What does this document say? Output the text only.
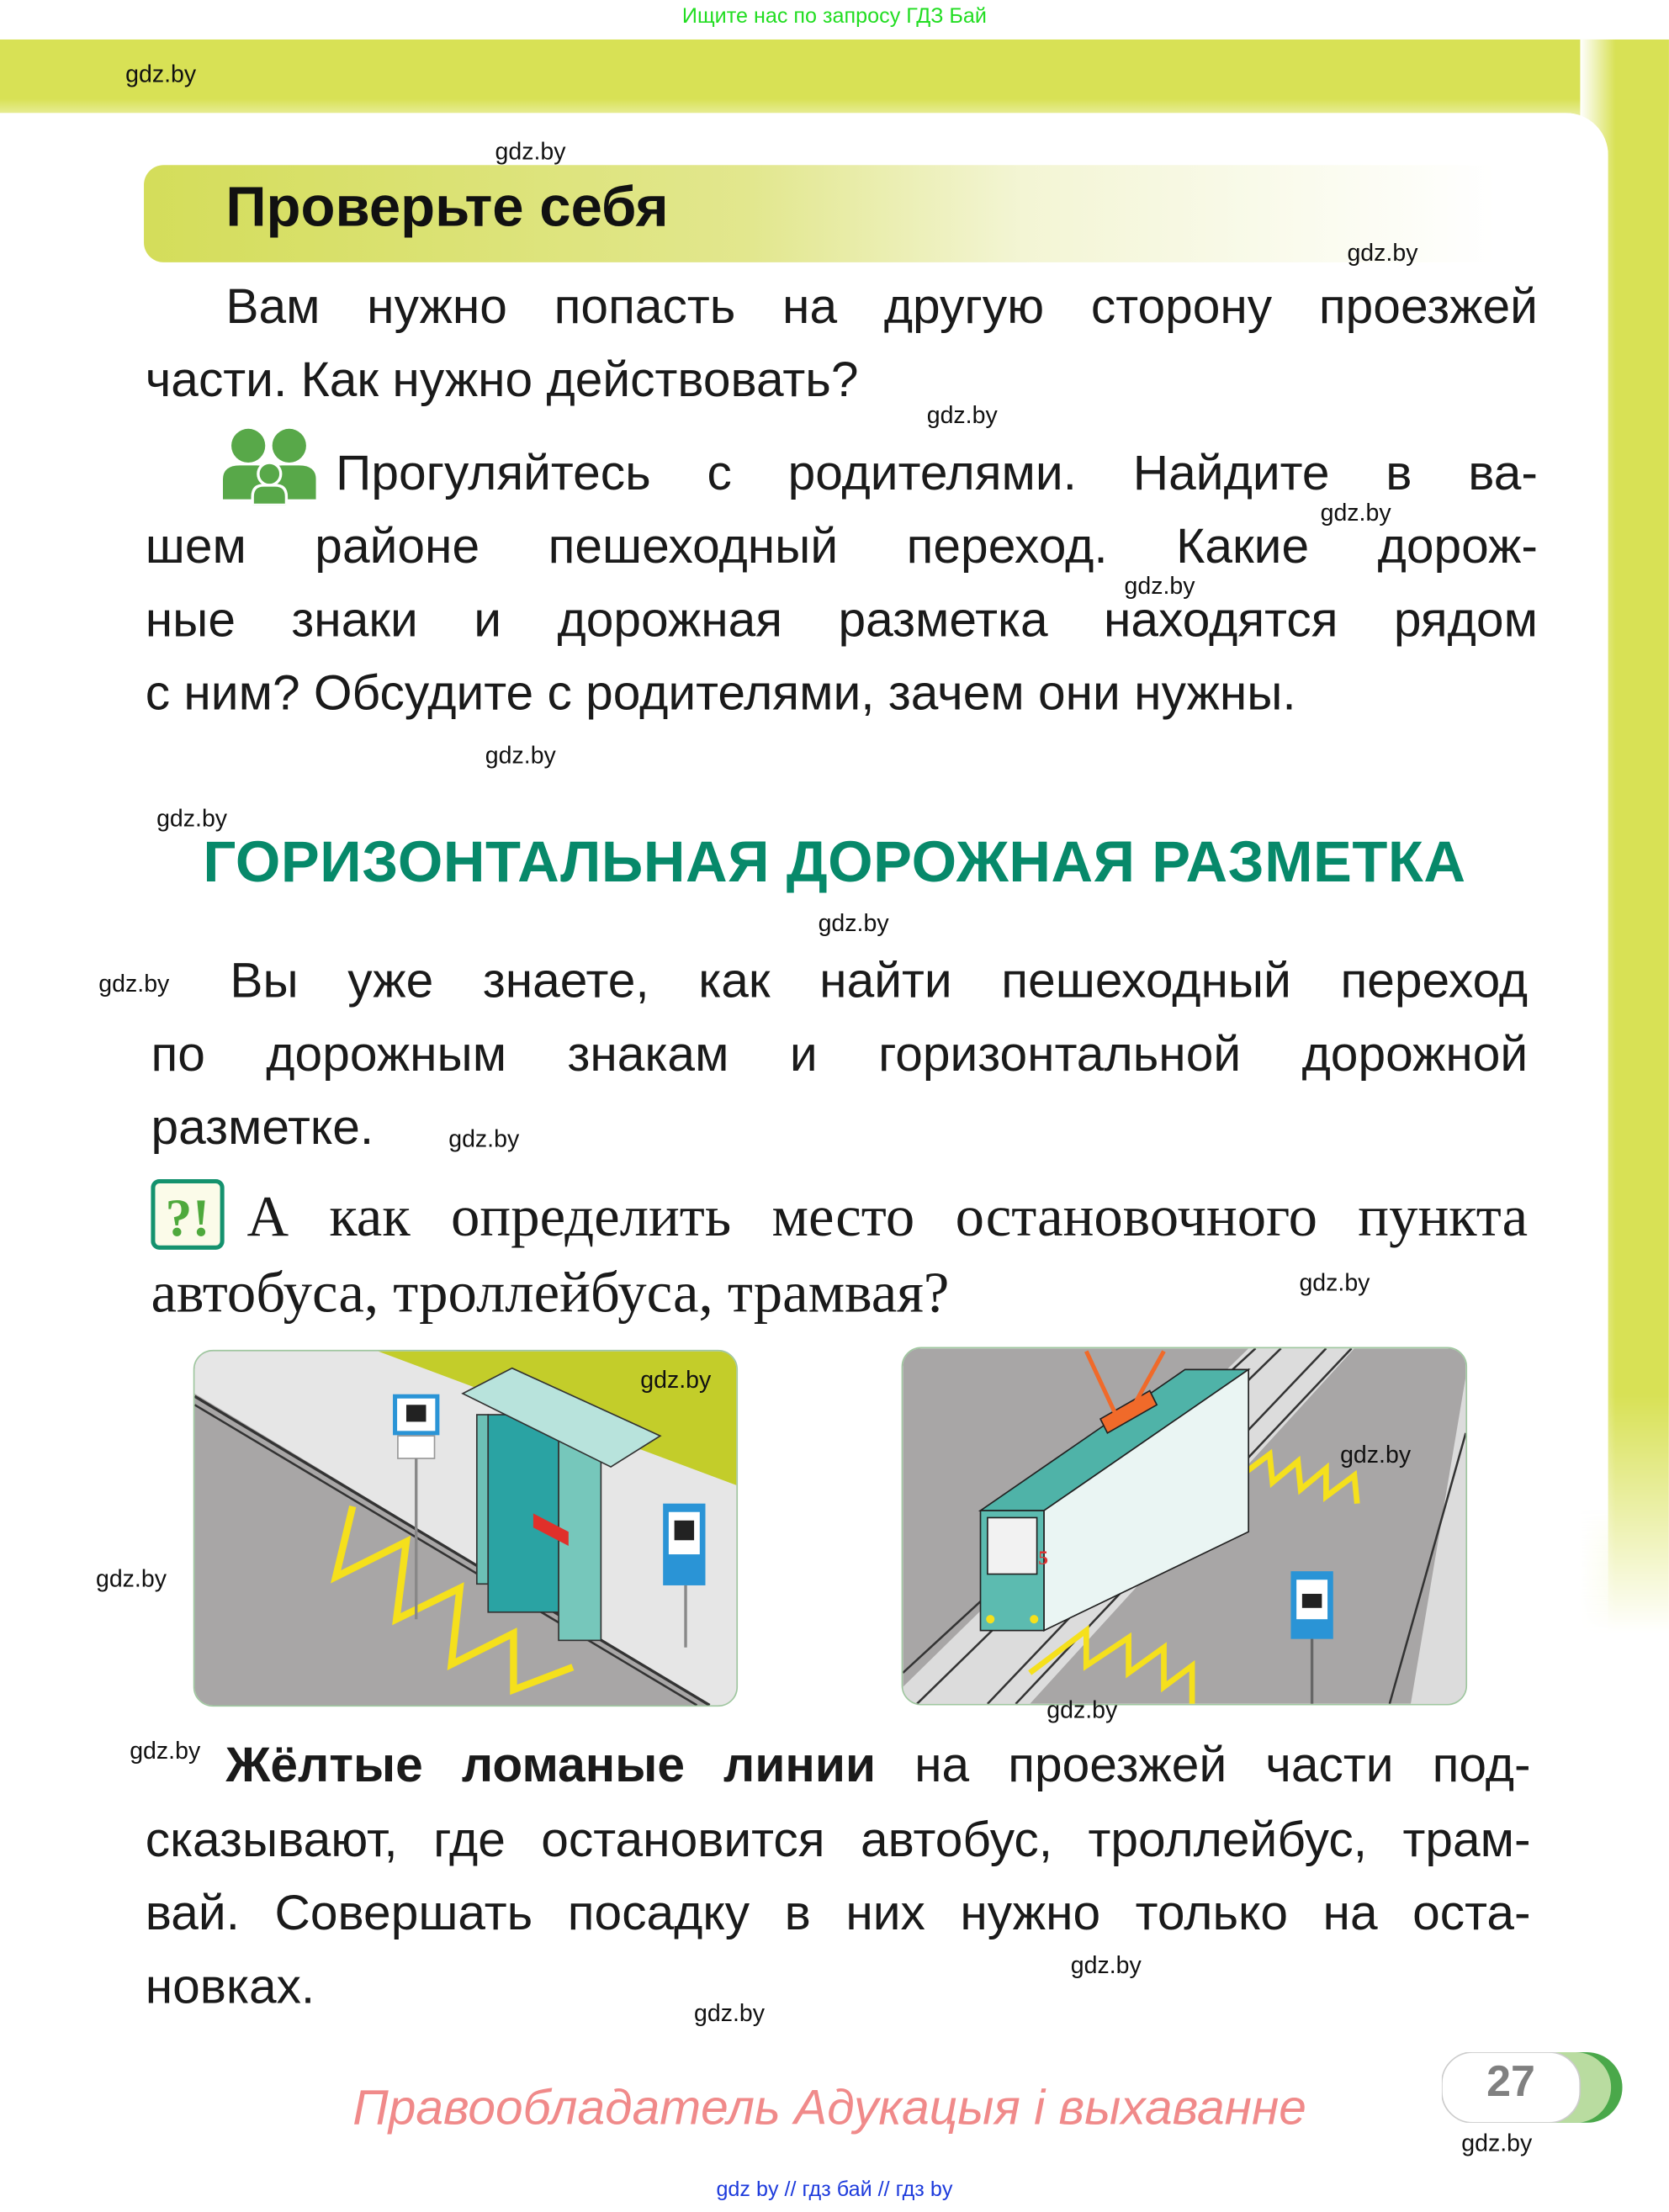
Ищите нас по запросу ГДЗ Бай
Проверьте себя
Вам нужно попасть на другую сторону проезжей
части. Как нужно действовать?
Прогуляйтесь с родителями. Найдите в ва-
шем районе пешеходный переход. Какие дорож-
ные знаки и дорожная разметка находятся рядом
с ним? Обсудите с родителями, зачем они нужны.
ГОРИЗОНТАЛЬНАЯ ДОРОЖНАЯ РАЗМЕТКА
Вы уже знаете, как найти пешеходный переход
по дорожным знакам и горизонтальной дорожной
разметке.
?!	А как определить место остановочного пункта
автобуса, троллейбуса, трамвая?
5
Жёлтые ломаные линии на проезжей части под-
сказывают, где остановится автобус, троллейбус, трам-
вай. Совершать посадку в них нужно только на оста-
новках.
Правообладатель Адукацыя і выхаванне	27
gdz by // гдз бай // гдз by
gdz.by
gdz.by
gdz.by
gdz.by
gdz.by
gdz.by
gdz.by
gdz.by
gdz.by
gdz.by
gdz.by
gdz.by
gdz.by
gdz.by
gdz.by
gdz.by
gdz.by
gdz.by
gdz.by
gdz.by
